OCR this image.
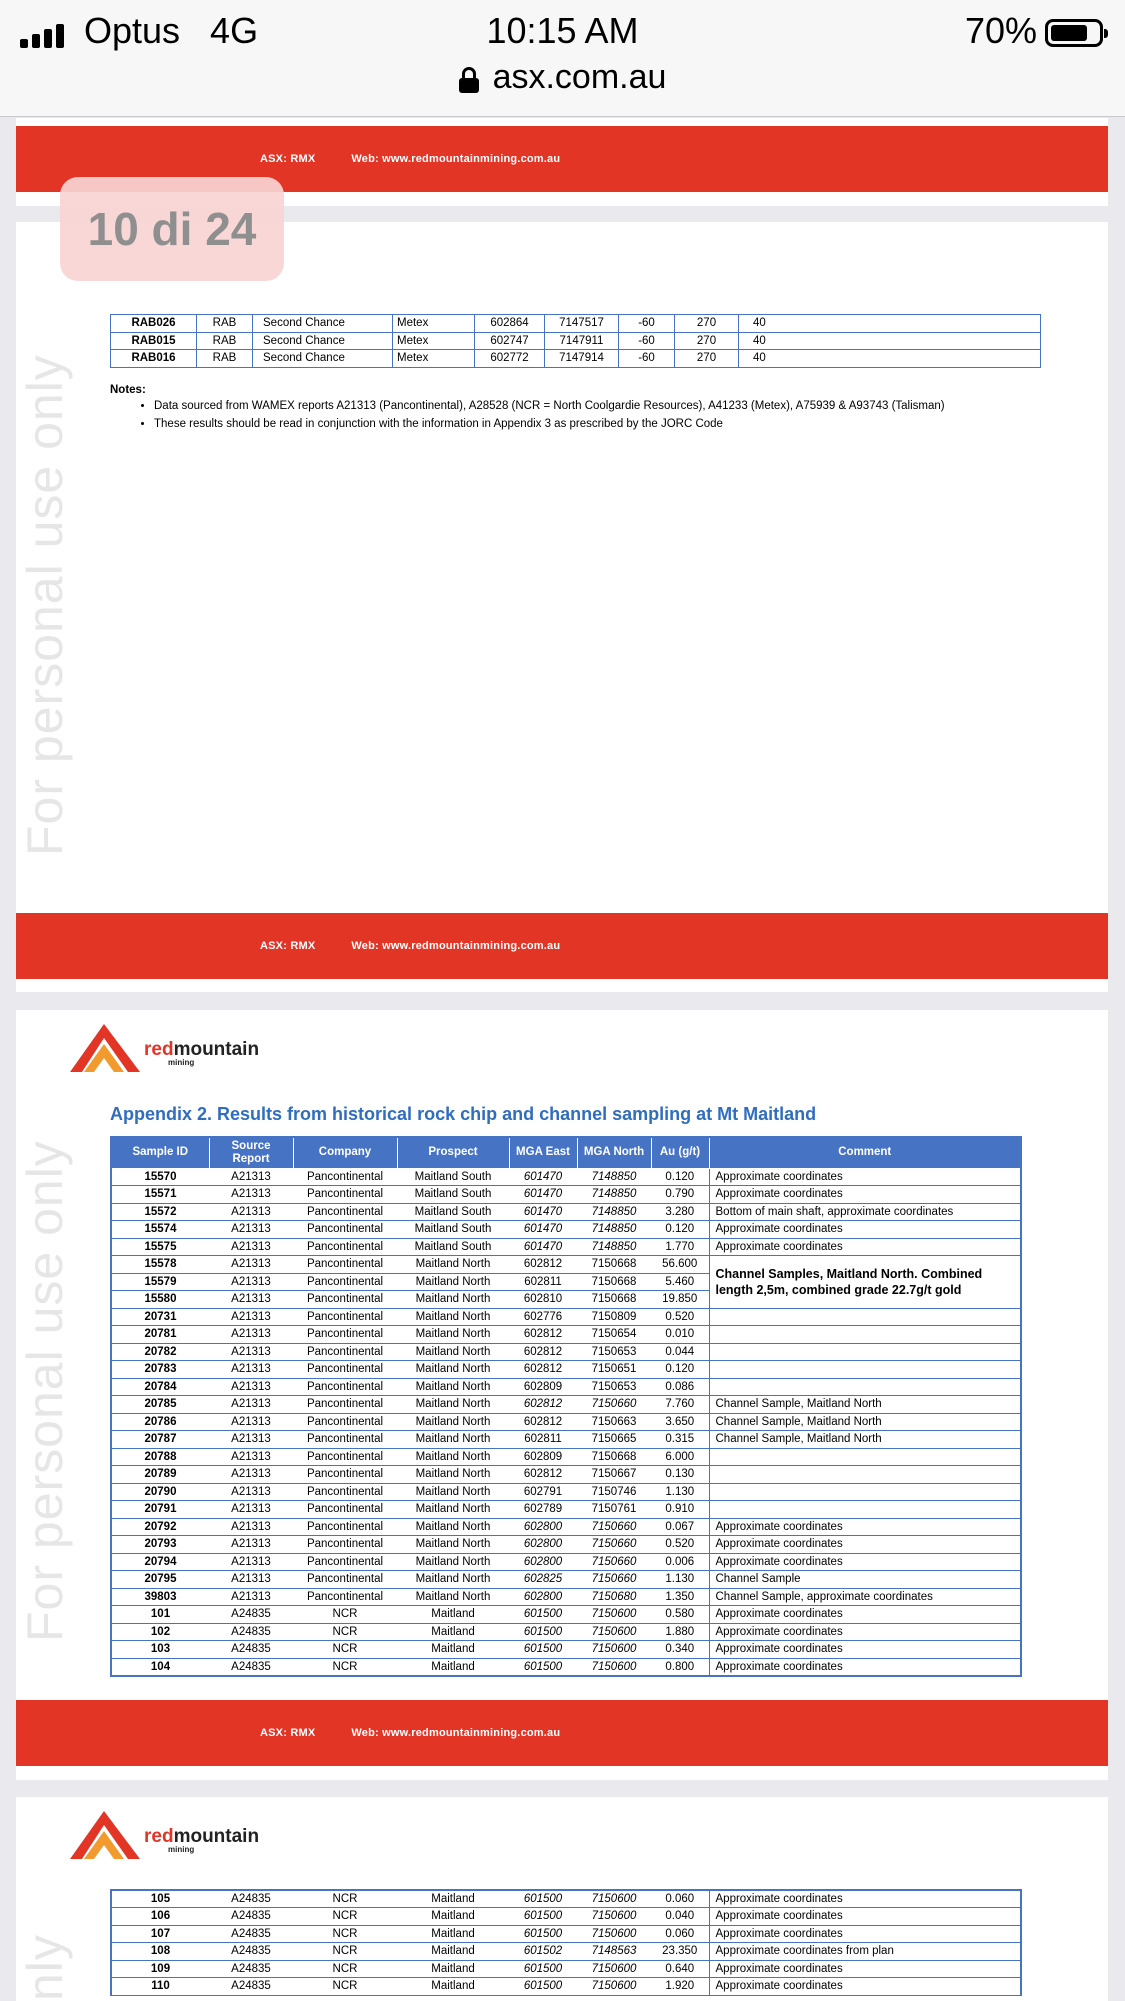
Optus   4G	10:15 AM	70%
asx.com.au
ASX: RMX	Web: www.redmountainmining.com.au
For personal use only
RAB026	RAB	Second Chance	Metex	602864	7147517	-60	270	40
RAB015	RAB	Second Chance	Metex	602747	7147911	-60	270	40
RAB016	RAB	Second Chance	Metex	602772	7147914	-60	270	40
Notes:
• Data sourced from WAMEX reports A21313 (Pancontinental), A28528 (NCR = North Coolgardie Resources), A41233 (Metex), A75939 & A93743 (Talisman)
• These results should be read in conjunction with the information in Appendix 3 as prescribed by the JORC Code
ASX: RMX	Web: www.redmountainmining.com.au
For personal use only
redmountain
mining
Appendix 2. Results from historical rock chip and channel sampling at Mt Maitland
Sample ID	Source Report	Company	Prospect	MGA East	MGA North	Au (g/t)	Comment
15570	A21313	Pancontinental	Maitland South	601470	7148850	0.120	Approximate coordinates
15571	A21313	Pancontinental	Maitland South	601470	7148850	0.790	Approximate coordinates
15572	A21313	Pancontinental	Maitland South	601470	7148850	3.280	Bottom of main shaft, approximate coordinates
15574	A21313	Pancontinental	Maitland South	601470	7148850	0.120	Approximate coordinates
15575	A21313	Pancontinental	Maitland South	601470	7148850	1.770	Approximate coordinates
15578	A21313	Pancontinental	Maitland North	602812	7150668	56.600	Channel Samples, Maitland North. Combined length 2,5m, combined grade 22.7g/t gold
15579	A21313	Pancontinental	Maitland North	602811	7150668	5.460	
15580	A21313	Pancontinental	Maitland North	602810	7150668	19.850	
20731	A21313	Pancontinental	Maitland North	602776	7150809	0.520	
20781	A21313	Pancontinental	Maitland North	602812	7150654	0.010	
20782	A21313	Pancontinental	Maitland North	602812	7150653	0.044	
20783	A21313	Pancontinental	Maitland North	602812	7150651	0.120	
20784	A21313	Pancontinental	Maitland North	602809	7150653	0.086	
20785	A21313	Pancontinental	Maitland North	602812	7150660	7.760	Channel Sample, Maitland North
20786	A21313	Pancontinental	Maitland North	602812	7150663	3.650	Channel Sample, Maitland North
20787	A21313	Pancontinental	Maitland North	602811	7150665	0.315	Channel Sample, Maitland North
20788	A21313	Pancontinental	Maitland North	602809	7150668	6.000	
20789	A21313	Pancontinental	Maitland North	602812	7150667	0.130	
20790	A21313	Pancontinental	Maitland North	602791	7150746	1.130	
20791	A21313	Pancontinental	Maitland North	602789	7150761	0.910	
20792	A21313	Pancontinental	Maitland North	602800	7150660	0.067	Approximate coordinates
20793	A21313	Pancontinental	Maitland North	602800	7150660	0.520	Approximate coordinates
20794	A21313	Pancontinental	Maitland North	602800	7150660	0.006	Approximate coordinates
20795	A21313	Pancontinental	Maitland North	602825	7150660	1.130	Channel Sample
39803	A21313	Pancontinental	Maitland North	602800	7150680	1.350	Channel Sample, approximate coordinates
101	A24835	NCR	Maitland	601500	7150600	0.580	Approximate coordinates
102	A24835	NCR	Maitland	601500	7150600	1.880	Approximate coordinates
103	A24835	NCR	Maitland	601500	7150600	0.340	Approximate coordinates
104	A24835	NCR	Maitland	601500	7150600	0.800	Approximate coordinates
ASX: RMX	Web: www.redmountainmining.com.au
nly
redmountain
mining
105	A24835	NCR	Maitland	601500	7150600	0.060	Approximate coordinates
106	A24835	NCR	Maitland	601500	7150600	0.040	Approximate coordinates
107	A24835	NCR	Maitland	601500	7150600	0.060	Approximate coordinates
108	A24835	NCR	Maitland	601502	7148563	23.350	Approximate coordinates from plan
109	A24835	NCR	Maitland	601500	7150600	0.640	Approximate coordinates
110	A24835	NCR	Maitland	601500	7150600	1.920	Approximate coordinates
10 di 24
